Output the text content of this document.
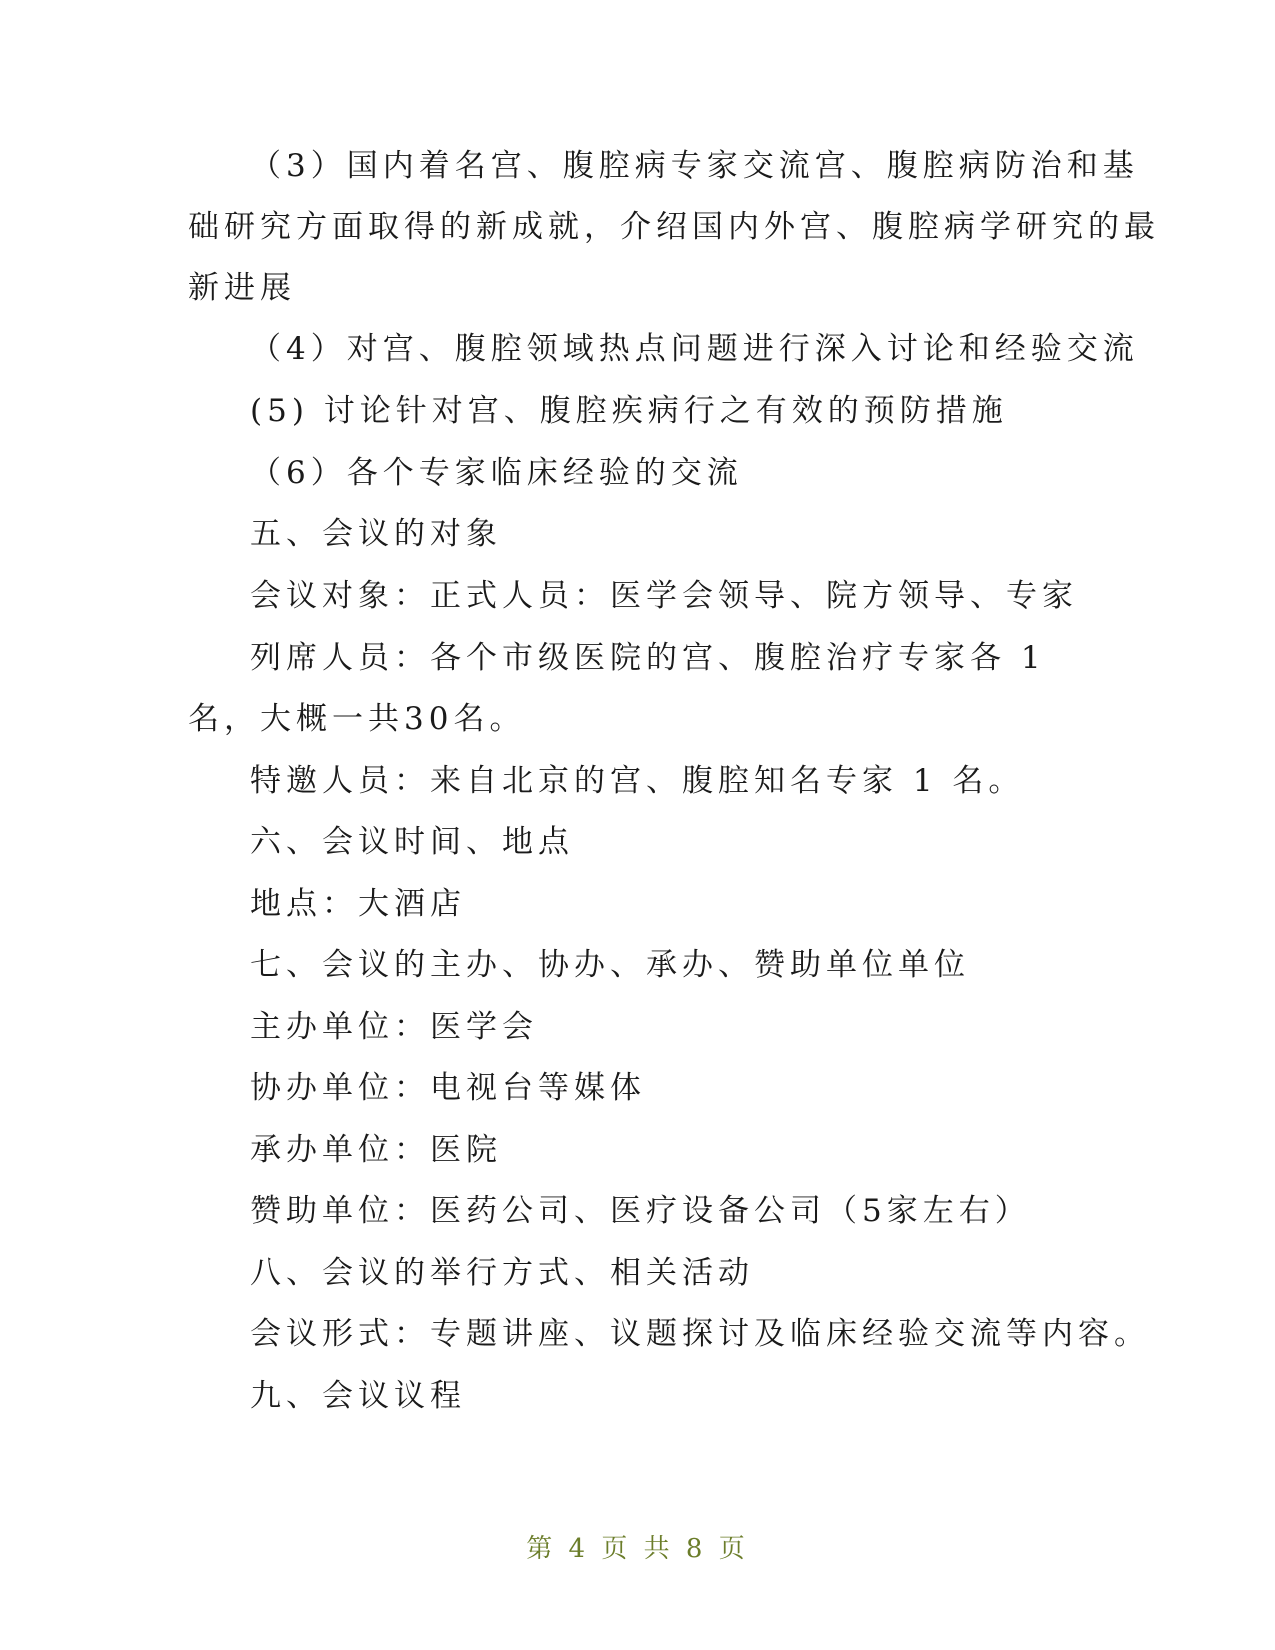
（3）国内着名宫、腹腔病专家交流宫、腹腔病防治和基
础研究方面取得的新成就，介绍国内外宫、腹腔病学研究的最
新进展
（4）对宫、腹腔领域热点问题进行深入讨论和经验交流
(5) 讨论针对宫、腹腔疾病行之有效的预防措施
（6）各个专家临床经验的交流
五、会议的对象
会议对象：正式人员：医学会领导、院方领导、专家
列席人员：各个市级医院的宫、腹腔治疗专家各 1
名，大概一共30名。
特邀人员：来自北京的宫、腹腔知名专家 1 名。
六、会议时间、地点
地点：大酒店
七、会议的主办、协办、承办、赞助单位单位
主办单位：医学会
协办单位：电视台等媒体
承办单位：医院
赞助单位：医药公司、医疗设备公司（5家左右）
八、会议的举行方式、相关活动
会议形式：专题讲座、议题探讨及临床经验交流等内容。
九、会议议程
第 4 页 共 8 页
